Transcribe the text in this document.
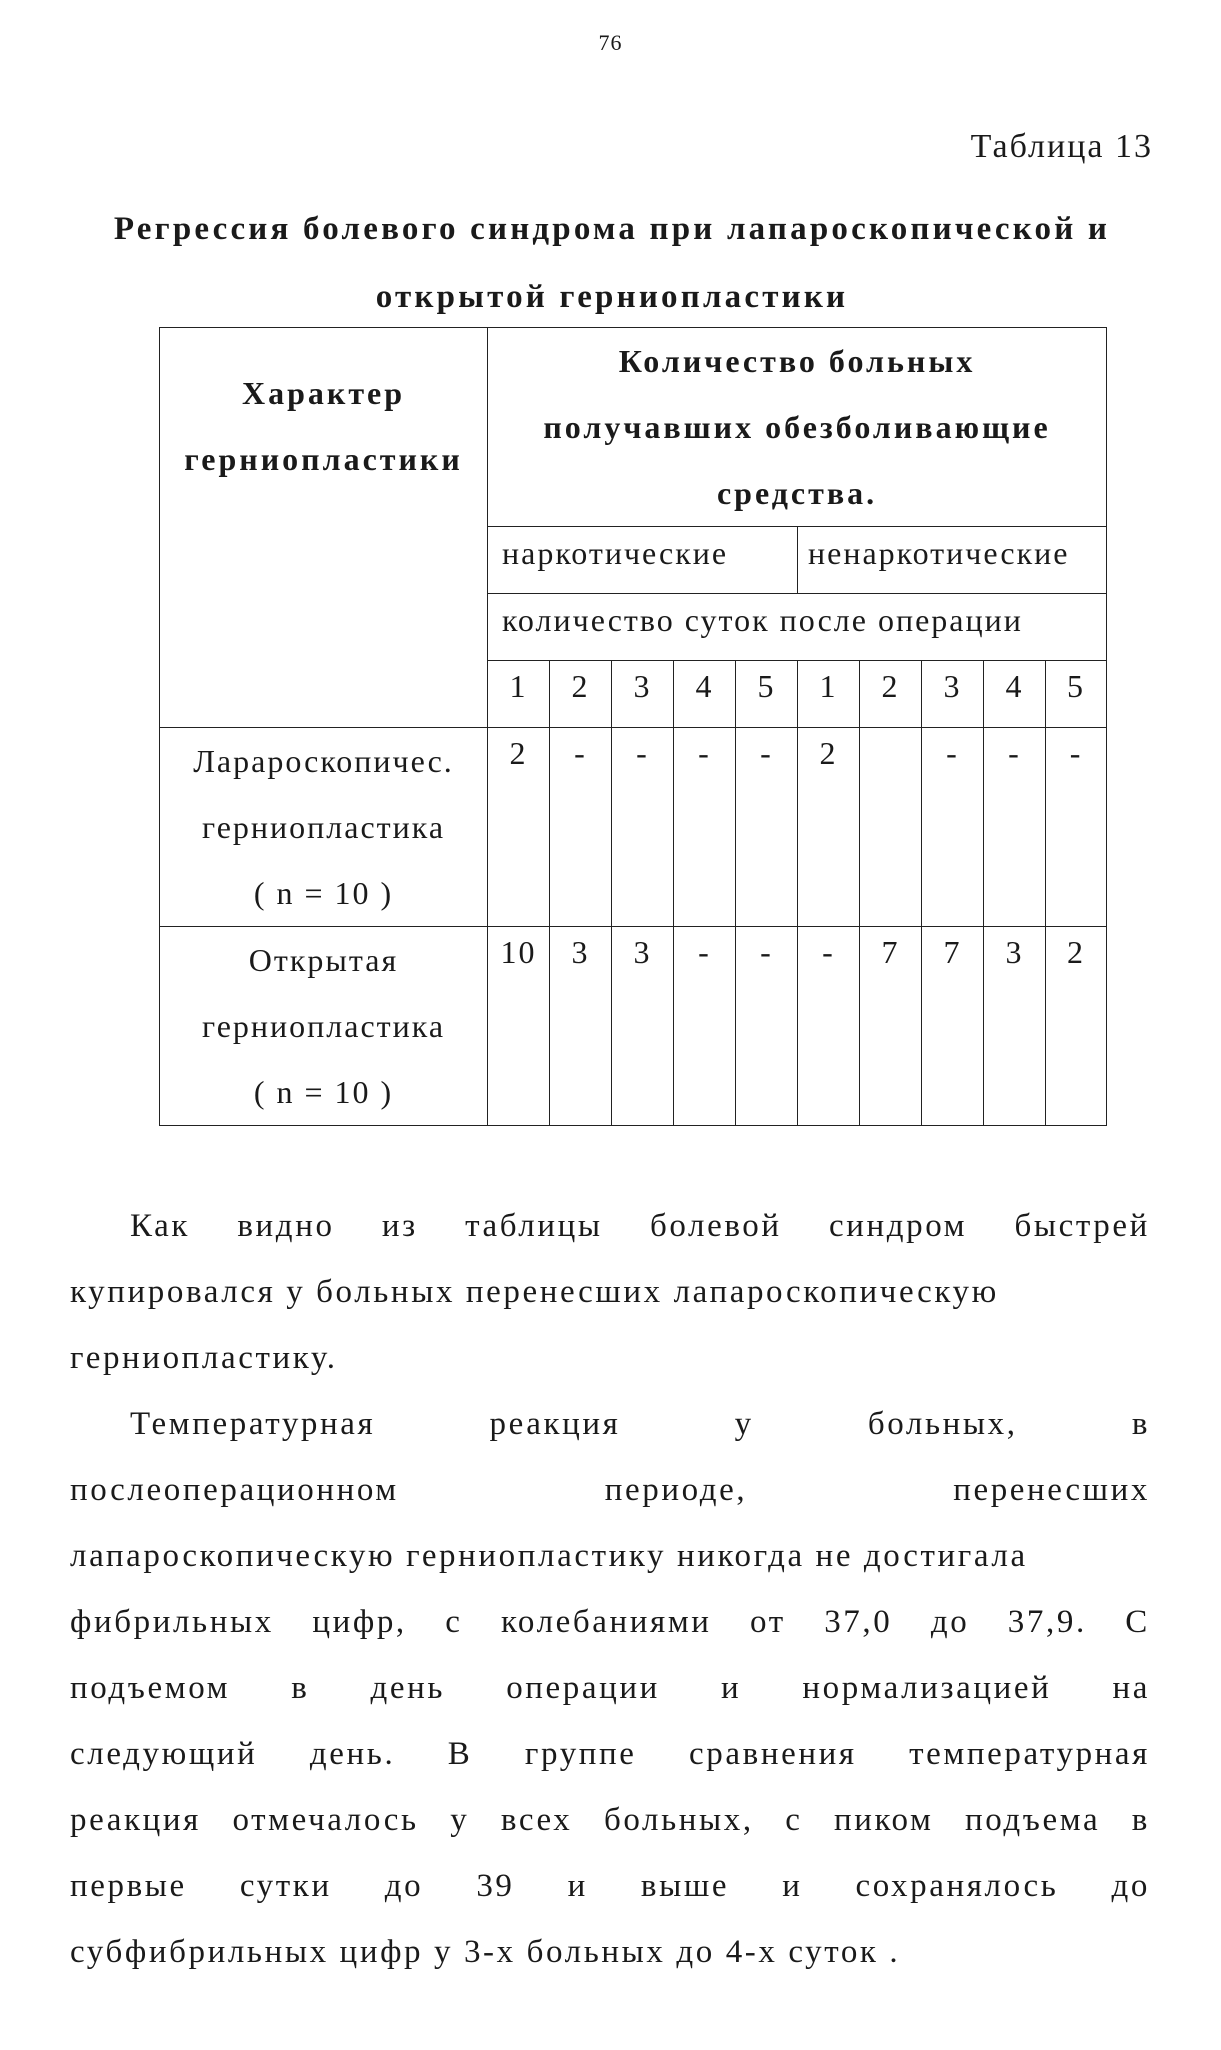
76
Таблица 13
Регрессия болевого синдрома при лапароскопической и
открытой герниопластики
Характер
герниопластики	Количество больных
получавших обезболивающие
средства.									

	наркотические					ненаркотические				
	количество суток после операции									
	1	2	3	4	5	1	2	3	4	5

Ларароскопичес.
герниопластика
( n = 10 )	2	-	-	-	-	2		-	-	-

Открытая
герниопластика
( n = 10 )	10	3	3	-	-	-	7	7	3	2
Как видно из таблицы болевой синдром быстрей
купировался у больных перенесших лапароскопическую
герниопластику.
Температурная	реакция	у	больных,	в
послеоперационном	периоде,	перенесших
лапароскопическую герниопластику никогда не достигала
фибрильных цифр, с колебаниями от 37,0 до 37,9. С
подъемом в день операции и нормализацией на
следующий день. В группе сравнения температурная
реакция отмечалось у всех больных, с пиком подъема в
первые сутки до 39 и выше и сохранялось до
субфибрильных цифр у 3-х больных до 4-х суток .
